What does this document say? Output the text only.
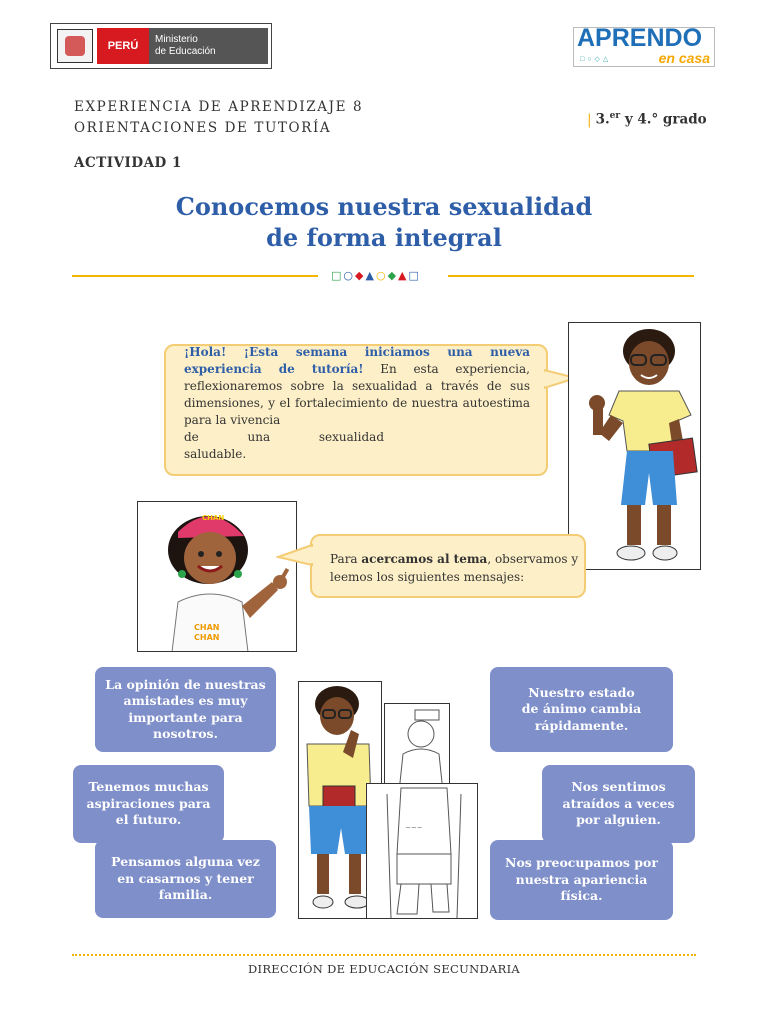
PERÚ
Ministerio
de Educación	APRENDO
□○◇△	en casa
EXPERIENCIA DE APRENDIZAJE 8
ORIENTACIONES DE TUTORÍA
| 3.$^{er}$ y 4.° grado
ACTIVIDAD 1
Conocemos nuestra sexualidad
de forma integral
□○◆▲○◆▲□
¡Hola! ¡Esta semana iniciamos una nueva experiencia de tutoría! En esta experiencia, reflexionaremos sobre la sexualidad a través de sus dimensiones, y el fortalecimiento de nuestra autoestima para la vivencia
de	una	sexualidad
saludable.
CHAN
CHAN
CHAN
Para acercamos al tema, observamos y leemos los siguientes mensajes:
La opinión de nuestras
amistades es muy
importante para
nosotros.
Tenemos muchas
aspiraciones para
el futuro.
Pensamos alguna vez
en casarnos y tener
familia.
~~~
Nuestro estado
de ánimo cambia
rápidamente.
Nos sentimos
atraídos a veces
por alguien.
Nos preocupamos por
nuestra apariencia
física.
DIRECCIÓN DE EDUCACIÓN SECUNDARIA
